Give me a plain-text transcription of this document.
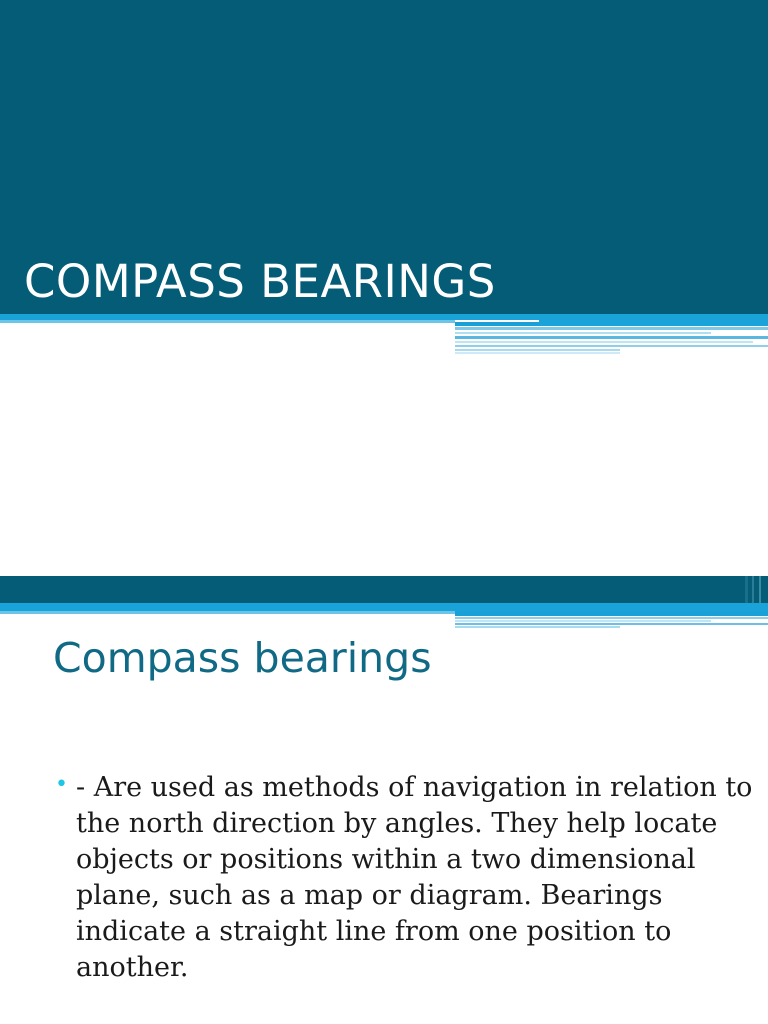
COMPASS BEARINGS
Compass bearings
• - Are used as methods of navigation in relation to the north direction by angles. They help locate objects or positions within a two dimensional plane, such as a map or diagram. Bearings indicate a straight line from one position to another.
